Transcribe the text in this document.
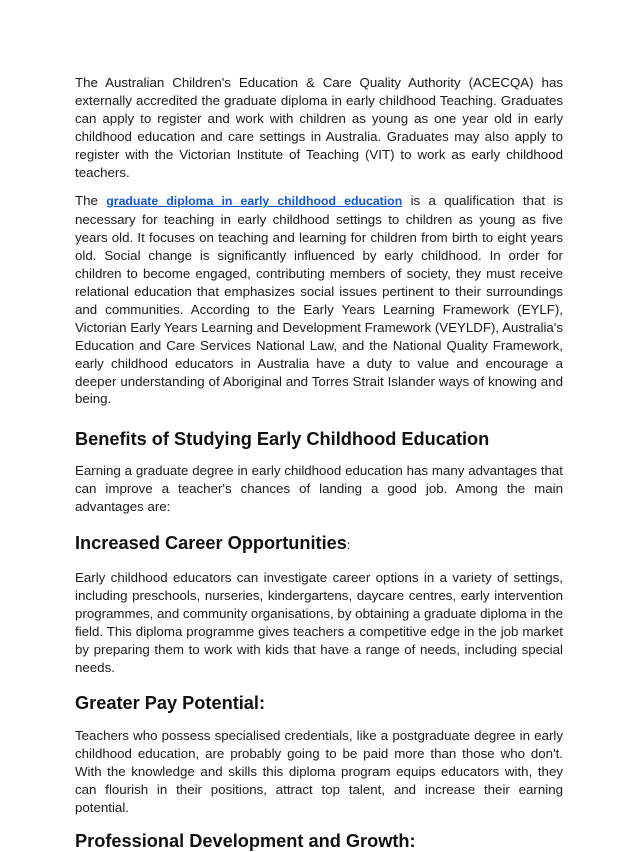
The Australian Children's Education & Care Quality Authority (ACECQA) has externally accredited the graduate diploma in early childhood Teaching. Graduates can apply to register and work with children as young as one year old in early childhood education and care settings in Australia. Graduates may also apply to register with the Victorian Institute of Teaching (VIT) to work as early childhood teachers.

The graduate diploma in early childhood education is a qualification that is necessary for teaching in early childhood settings to children as young as five years old. It focuses on teaching and learning for children from birth to eight years old. Social change is significantly influenced by early childhood. In order for children to become engaged, contributing members of society, they must receive relational education that emphasizes social issues pertinent to their surroundings and communities. According to the Early Years Learning Framework (EYLF), Victorian Early Years Learning and Development Framework (VEYLDF), Australia's Education and Care Services National Law, and the National Quality Framework, early childhood educators in Australia have a duty to value and encourage a deeper understanding of Aboriginal and Torres Strait Islander ways of knowing and being.

Benefits of Studying Early Childhood Education

Earning a graduate degree in early childhood education has many advantages that can improve a teacher's chances of landing a good job. Among the main advantages are:

Increased Career Opportunities:

Early childhood educators can investigate career options in a variety of settings, including preschools, nurseries, kindergartens, daycare centres, early intervention programmes, and community organisations, by obtaining a graduate diploma in the field. This diploma programme gives teachers a competitive edge in the job market by preparing them to work with kids that have a range of needs, including special needs.

Greater Pay Potential:

Teachers who possess specialised credentials, like a postgraduate degree in early childhood education, are probably going to be paid more than those who don't. With the knowledge and skills this diploma program equips educators with, they can flourish in their positions, attract top talent, and increase their earning potential.

Professional Development and Growth:
